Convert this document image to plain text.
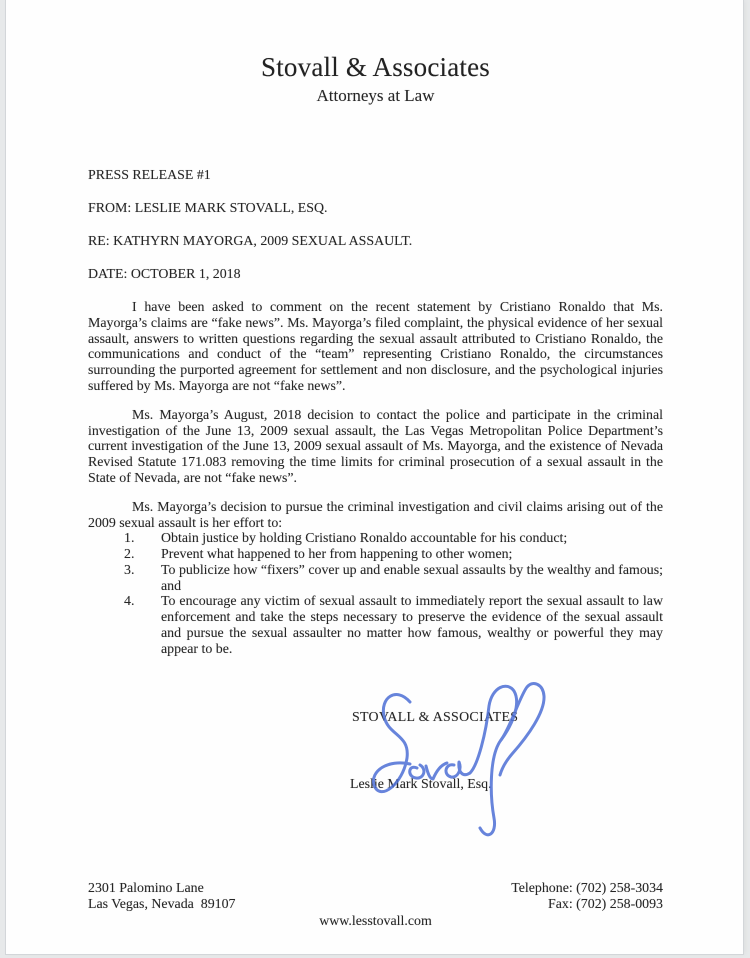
Stovall & Associates
Attorneys at Law
PRESS RELEASE #1
FROM: LESLIE MARK STOVALL, ESQ.
RE: KATHYRN MAYORGA, 2009 SEXUAL ASSAULT.
DATE: OCTOBER 1, 2018

I have been asked to comment on the recent statement by Cristiano Ronaldo that Ms. Mayorga’s claims are “fake news”. Ms. Mayorga’s filed complaint, the physical evidence of her sexual assault, answers to written questions regarding the sexual assault attributed to Cristiano Ronaldo, the communications and conduct of the “team” representing Cristiano Ronaldo, the circumstances surrounding the purported agreement for settlement and non disclosure, and the psychological injuries suffered by Ms. Mayorga are not “fake news”.

Ms. Mayorga’s August, 2018 decision to contact the police and participate in the criminal investigation of the June 13, 2009 sexual assault, the Las Vegas Metropolitan Police Department’s current investigation of the June 13, 2009 sexual assault of Ms. Mayorga, and the existence of Nevada Revised Statute 171.083 removing the time limits for criminal prosecution of a sexual assault in the State of Nevada, are not “fake news”.

Ms. Mayorga’s decision to pursue the criminal investigation and civil claims arising out of the 2009 sexual assault is her effort to:

1. Obtain justice by holding Cristiano Ronaldo accountable for his conduct;
2. Prevent what happened to her from happening to other women;
3. To publicize how “fixers” cover up and enable sexual assaults by the wealthy and famous; and
4. To encourage any victim of sexual assault to immediately report the sexual assault to law enforcement and take the steps necessary to preserve the evidence of the sexual assault and pursue the sexual assaulter no matter how famous, wealthy or powerful they may appear to be.
STOVALL & ASSOCIATES
Leslie Mark Stovall, Esq.
2301 Palomino Lane
Las Vegas, Nevada  89107
Telephone: (702) 258-3034
Fax: (702) 258-0093
www.lesstovall.com
